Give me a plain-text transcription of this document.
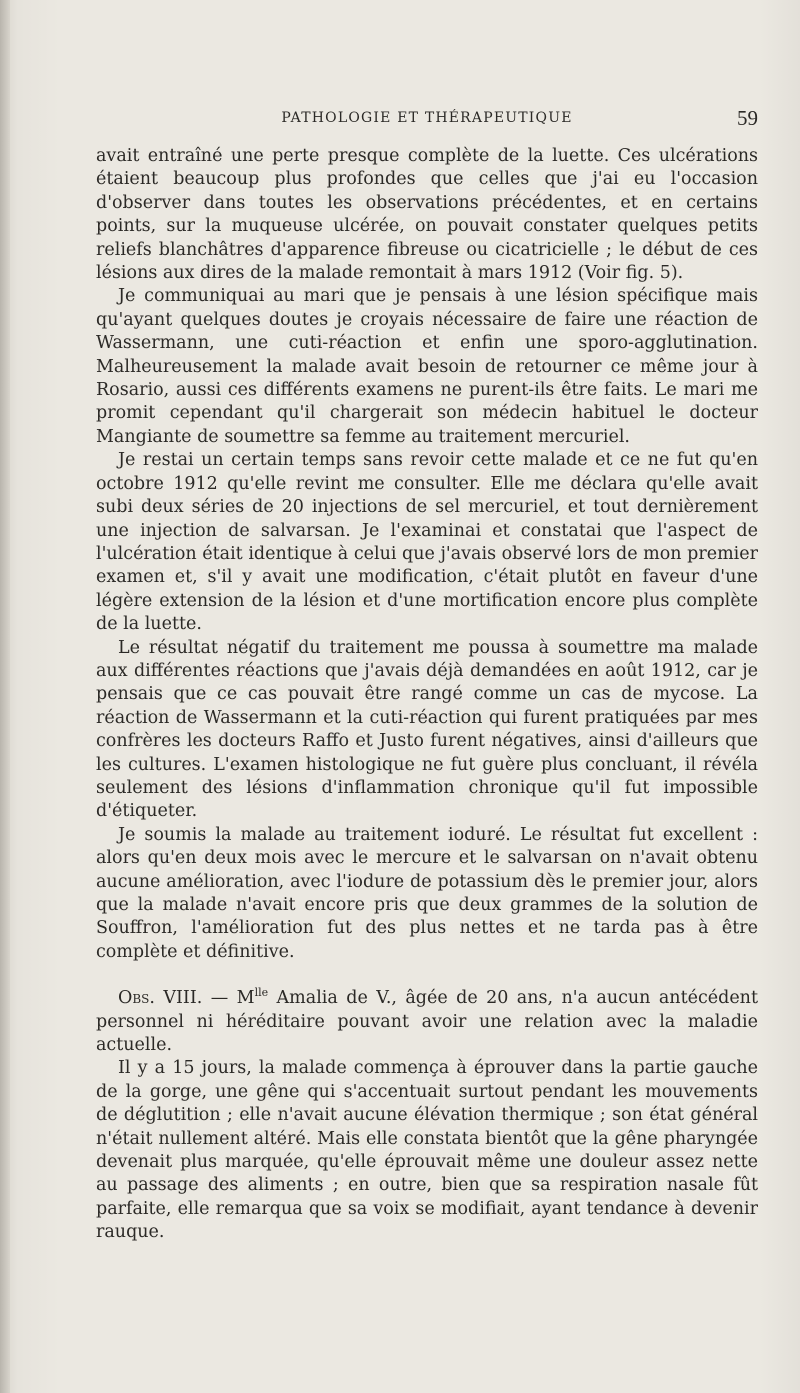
PATHOLOGIE ET THÉRAPEUTIQUE	59

avait entraîné une perte presque complète de la luette. Ces ulcérations étaient beaucoup plus profondes que celles que j'ai eu l'occasion d'observer dans toutes les observations précédentes, et en certains points, sur la muqueuse ulcérée, on pouvait constater quelques petits reliefs blanchâtres d'apparence fibreuse ou cicatricielle ; le début de ces lésions aux dires de la malade remontait à mars 1912 (Voir fig. 5).

Je communiquai au mari que je pensais à une lésion spécifique mais qu'ayant quelques doutes je croyais nécessaire de faire une réaction de Wassermann, une cuti-réaction et enfin une sporo-agglutination. Malheureusement la malade avait besoin de retourner ce même jour à Rosario, aussi ces différents examens ne purent-ils être faits. Le mari me promit cependant qu'il chargerait son médecin habituel le docteur Mangiante de soumettre sa femme au traitement mercuriel.

Je restai un certain temps sans revoir cette malade et ce ne fut qu'en octobre 1912 qu'elle revint me consulter. Elle me déclara qu'elle avait subi deux séries de 20 injections de sel mercuriel, et tout dernièrement une injection de salvarsan. Je l'examinai et constatai que l'aspect de l'ulcération était identique à celui que j'avais observé lors de mon premier examen et, s'il y avait une modification, c'était plutôt en faveur d'une légère extension de la lésion et d'une mortification encore plus complète de la luette.

Le résultat négatif du traitement me poussa à soumettre ma malade aux différentes réactions que j'avais déjà demandées en août 1912, car je pensais que ce cas pouvait être rangé comme un cas de mycose. La réaction de Wassermann et la cuti-réaction qui furent pratiquées par mes confrères les docteurs Raffo et Justo furent négatives, ainsi d'ailleurs que les cultures. L'examen histologique ne fut guère plus concluant, il révéla seulement des lésions d'inflammation chronique qu'il fut impossible d'étiqueter.

Je soumis la malade au traitement ioduré. Le résultat fut excellent : alors qu'en deux mois avec le mercure et le salvarsan on n'avait obtenu aucune amélioration, avec l'iodure de potassium dès le premier jour, alors que la malade n'avait encore pris que deux grammes de la solution de Souffron, l'amélioration fut des plus nettes et ne tarda pas à être complète et définitive.

Obs. VIII. — $M^{lle}$ Amalia de V., âgée de 20 ans, n'a aucun antécédent personnel ni héréditaire pouvant avoir une relation avec la maladie actuelle.

Il y a 15 jours, la malade commença à éprouver dans la partie gauche de la gorge, une gêne qui s'accentuait surtout pendant les mouvements de déglutition ; elle n'avait aucune élévation thermique ; son état général n'était nullement altéré. Mais elle constata bientôt que la gêne pharyngée devenait plus marquée, qu'elle éprouvait même une douleur assez nette au passage des aliments ; en outre, bien que sa respiration nasale fût parfaite, elle remarqua que sa voix se modifiait, ayant tendance à devenir rauque.
